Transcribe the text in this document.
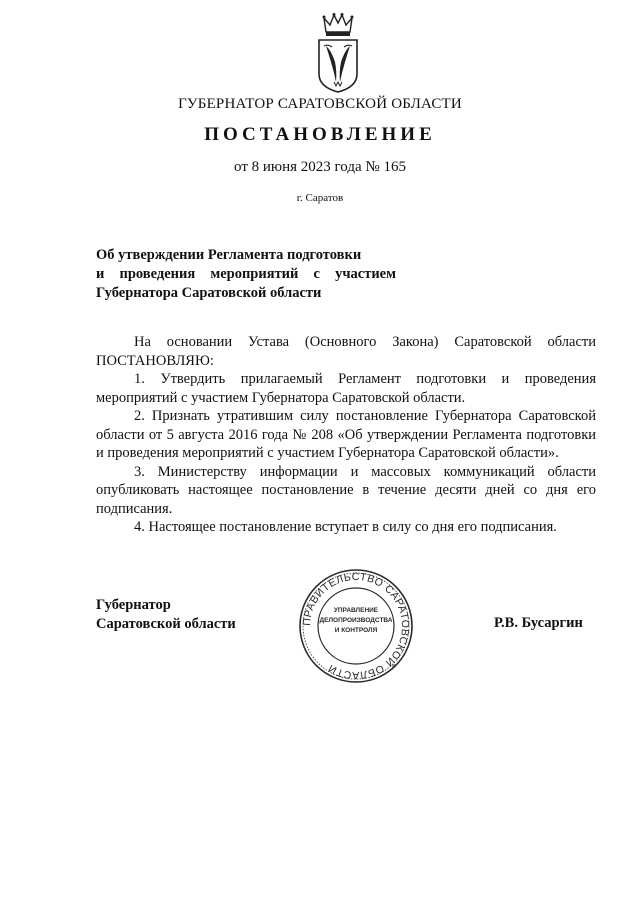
ГУБЕРНАТОР САРАТОВСКОЙ ОБЛАСТИ
ПОСТАНОВЛЕНИЕ
от 8 июня 2023 года № 165
г. Саратов
Об утверждении Регламента подготовки
и проведения мероприятий с участием
Губернатора Саратовской области

На основании Устава (Основного Закона) Саратовской области

ПОСТАНОВЛЯЮ:

1. Утвердить прилагаемый Регламент подготовки и проведения мероприятий с участием Губернатора Саратовской области.

2. Признать утратившим силу постановление Губернатора Саратовской области от 5 августа 2016 года № 208 «Об утверждении Регламента подготовки и проведения мероприятий с участием Губернатора Саратовской области».

3. Министерству информации и массовых коммуникаций области опубликовать настоящее постановление в течение десяти дней со дня его подписания.

4. Настоящее постановление вступает в силу со дня его подписания.

Губернатор
Саратовской области	ПРАВИТЕЛЬСТВО САРАТОВСКОЙ ОБЛАСТИ
УПРАВЛЕНИЕ
ДЕЛОПРОИЗВОДСТВА
И КОНТРОЛЯ	Р.В. Бусаргин
